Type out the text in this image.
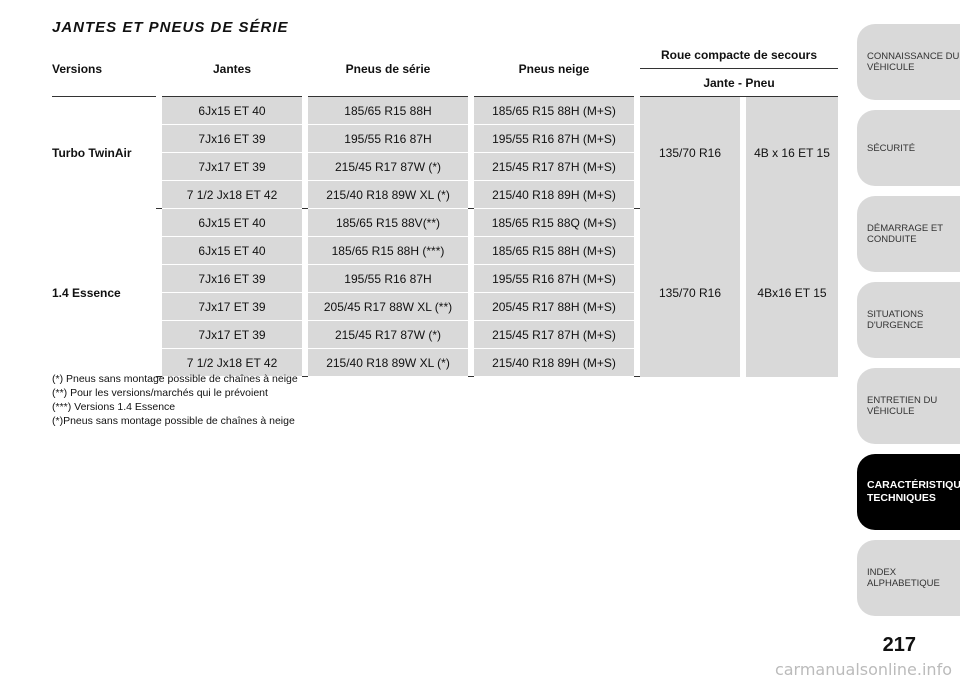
JANTES ET PNEUS DE SÉRIE
Versions		Jantes		Pneus de série		Pneus neige		Roue compacte de secours		
								Jante - Pneu		
Turbo TwinAir		6Jx15 ET 40		185/65 R15 88H		185/65 R15 88H (M+S)		135/70 R16		4B x 16 ET 15
		7Jx16 ET 39		195/55 R16 87H		195/55 R16 87H (M+S)				
		7Jx17 ET 39		215/45 R17 87W (*)		215/45 R17 87H (M+S)				
		7 1/2 Jx18 ET 42		215/40 R18 89W XL (*)		215/40 R18 89H (M+S)				
1.4 Essence		6Jx15 ET 40		185/65 R15 88V(**)		185/65 R15 88Q (M+S)		135/70 R16		4Bx16 ET 15
		6Jx15 ET 40		185/65 R15 88H (***)		185/65 R15 88H (M+S)				
		7Jx16 ET 39		195/55 R16 87H		195/55 R16 87H (M+S)				
		7Jx17 ET 39		205/45 R17 88W XL (**)		205/45 R17 88H (M+S)				
		7Jx17 ET 39		215/45 R17 87W (*)		215/45 R17 87H (M+S)				
		7 1/2 Jx18 ET 42		215/40 R18 89W XL (*)		215/40 R18 89H (M+S)				
(*) Pneus sans montage possible de chaînes à neige
(**) Pour les versions/marchés qui le prévoient
(***) Versions 1.4 Essence
(*)Pneus sans montage possible de chaînes à neige
CONNAISSANCE DU VÉHICULE
SÉCURITÉ
DÉMARRAGE ET CONDUITE
SITUATIONS D'URGENCE
ENTRETIEN DU VÉHICULE
CARACTÉRISTIQUES TECHNIQUES
INDEX ALPHABETIQUE
217
carmanualsonline.info
